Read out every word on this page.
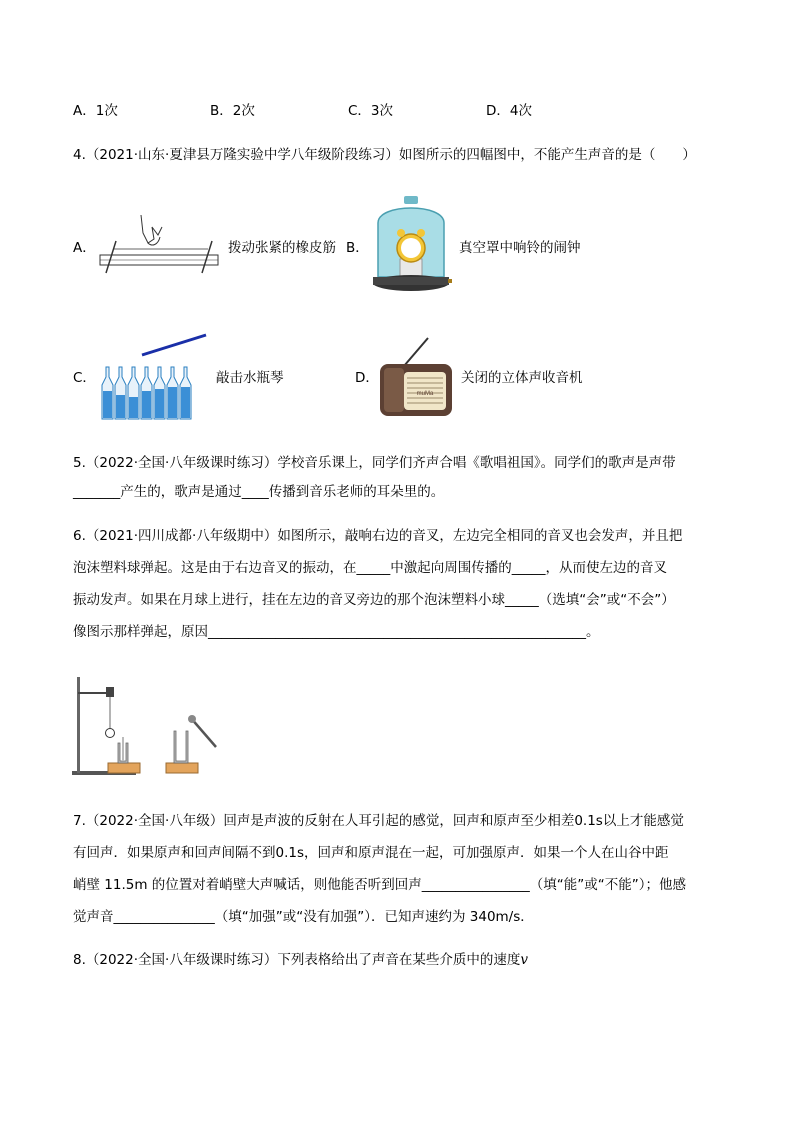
A．1次	B．2次	C．3次	D．4次
4.（2021·山东·夏津县万隆实验中学八年级阶段练习）如图所示的四幅图中，不能产生声音的是（　　）
A．	拨动张紧的橡皮筋 B．	真空罩中响铃的闹钟
C．	敲击水瓶琴	D．
muMa
关闭的立体声收音机
5.（2022·全国·八年级课时练习）学校音乐课上，同学们齐声合唱《歌唱祖国》。同学们的歌声是声带
_______产生的，歌声是通过____传播到音乐老师的耳朵里的。
6.（2021·四川成都·八年级期中）如图所示，敲响右边的音叉，左边完全相同的音叉也会发声，并且把
泡沫塑料球弹起。这是由于右边音叉的振动，在_____中激起向周围传播的_____，从而使左边的音叉
振动发声。如果在月球上进行，挂在左边的音叉旁边的那个泡沫塑料小球_____（选填“会”或“不会”）
像图示那样弹起，原因________________________________________________________。
7.（2022·全国·八年级）回声是声波的反射在人耳引起的感觉，回声和原声至少相差0.1s以上才能感觉
有回声．如果原声和回声间隔不到0.1s，回声和原声混在一起，可加强原声．如果一个人在山谷中距
峭壁 11.5m 的位置对着峭壁大声喊话，则他能否听到回声________________（填“能”或“不能”）；他感
觉声音_______________（填“加强”或“没有加强”）．已知声速约为 340m/s．
8.（2022·全国·八年级课时练习）下列表格给出了声音在某些介质中的速度v
